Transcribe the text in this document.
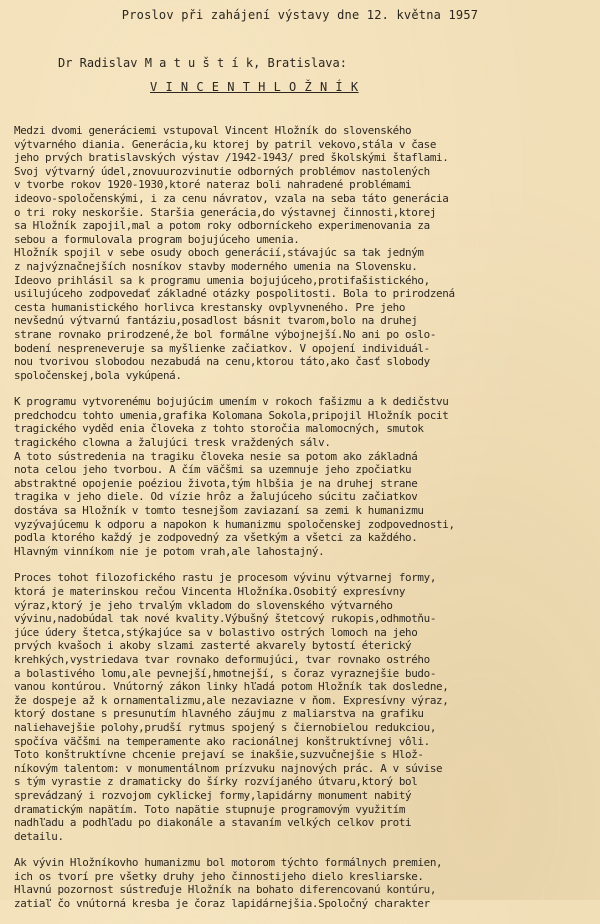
Proslov při zahájení výstavy dne 12. května 1957
Dr Radislav M a t u š t í k, Bratislava:
V I N C E N T H L O Ž N Í K
Medzi dvomi generáciemi vstupoval Vincent Hložník do slovenského
výtvarného diania. Generácia,ku ktorej by patril vekovo,stála v čase
jeho prvých bratislavských výstav /1942-1943/ pred školskými štaflami.
Svoj výtvarný údel,znovuurozvinutie odborných problémov nastolených
v tvorbe rokov 1920-1930,ktoré nateraz boli nahradené problémami
ideovo-spoločenskými, i za cenu návratov, vzala na seba táto generácia
o tri roky neskoršie. Staršia generácia,do výstavnej činnosti,ktorej
sa Hložník zapojil,mal a potom roky odborníckeho experimenovania za
sebou a formulovala program bojujúceho umenia.
Hložník spojil v sebe osudy oboch generácií,stávajúc sa tak jedným
z najvýznačnejších nosníkov stavby moderného umenia na Slovensku.
Ideovo prihlásil sa k programu umenia bojujúceho,protifašistického,
usilujúceho zodpovedať základné otázky pospolitosti. Bola to prirodzená
cesta humanistického horlivca krestansky ovplyvneného. Pre jeho
nevšednú výtvarnú fantáziu,posadlost básnit tvarom,bolo na druhej
strane rovnako prirodzené,že bol formálne výbojnejší.No ani po oslo-
bodení nespreneveruje sa myšlienke začiatkov. V opojení individuál-
nou tvorivou slobodou nezabudá na cenu,ktorou táto,ako časť slobody
spoločenskej,bola vykúpená.
K programu vytvorenému bojujúcim umením v rokoch fašizmu a k dedičstvu
predchodcu tohto umenia,grafika Kolomana Sokola,pripojil Hložník pocit
tragického vyděd enia človeka z tohto storočia malomocných, smutok
tragického clowna a žalujúci tresk vraždených sálv.
A toto sústredenia na tragiku človeka nesie sa potom ako základná
nota celou jeho tvorbou. A čím väčšmi sa uzemnuje jeho zpočiatku
abstraktné opojenie poéziou života,tým hlbšia je na druhej strane
tragika v jeho diele. Od vízie hrôz a žalujúceho súcitu začiatkov
dostáva sa Hložník v tomto tesnejšom zaviazaní sa zemi k humanizmu
vyzývajúcemu k odporu a napokon k humanizmu spoločenskej zodpovednosti,
podla ktorého každý je zodpovedný za všetkým a všetci za každého.
Hlavným vinníkom nie je potom vrah,ale lahostajný.
Proces tohot filozofického rastu je procesom vývinu výtvarnej formy,
ktorá je materinskou rečou Vincenta Hložníka.Osobitý expresívny
výraz,ktorý je jeho trvalým vkladom do slovenského výtvarného
vývinu,nadobúdal tak nové kvality.Výbušný štetcový rukopis,odhmotňu-
júce údery štetca,stýkajúce sa v bolastivo ostrých lomoch na jeho
prvých kvašoch i akoby slzami zasterté akvarely bytostí éterický
krehkých,vystriedava tvar rovnako deformujúci, tvar rovnako ostrého
a bolastivého lomu,ale pevnejší,hmotnejší, s čoraz vyraznejšie budo-
vanou kontúrou. Vnútorný zákon linky hľadá potom Hložník tak dosledne,
že dospeje až k ornamentalizmu,ale nezaviazne v ňom. Expresívny výraz,
ktorý dostane s presunutím hlavného záujmu z maliarstva na grafiku
naliehavejšie polohy,prudší rytmus spojený s čiernobielou redukciou,
spočíva väčšmi na temperamente ako racionálnej konštruktívnej vôli.
Toto konštruktívne chcenie prejaví se inakšie,suzvučnejšie s Hlož-
níkovým talentom: v monumentálnom prízvuku najnových prác. A v súvise
s tým vyrastie z dramaticky do šírky rozvíjaného útvaru,ktorý bol
sprevádzaný i rozvojom cyklickej formy,lapidárny monument nabitý
dramatickým napätím. Toto napätie stupnuje programovým využitím
nadhľadu a podhľadu po diakonále a stavaním velkých celkov proti
detailu.
Ak vývin Hložníkovho humanizmu bol motorom týchto formálnych premien,
ich os tvorí pre všetky druhy jeho činnostijeho dielo kresliarske.
Hlavnú pozornost sústreďuje Hložník na bohato diferencovanú kontúru,
zatiaľ čo vnútorná kresba je čoraz lapidárnejšia.Spoločný charakter
